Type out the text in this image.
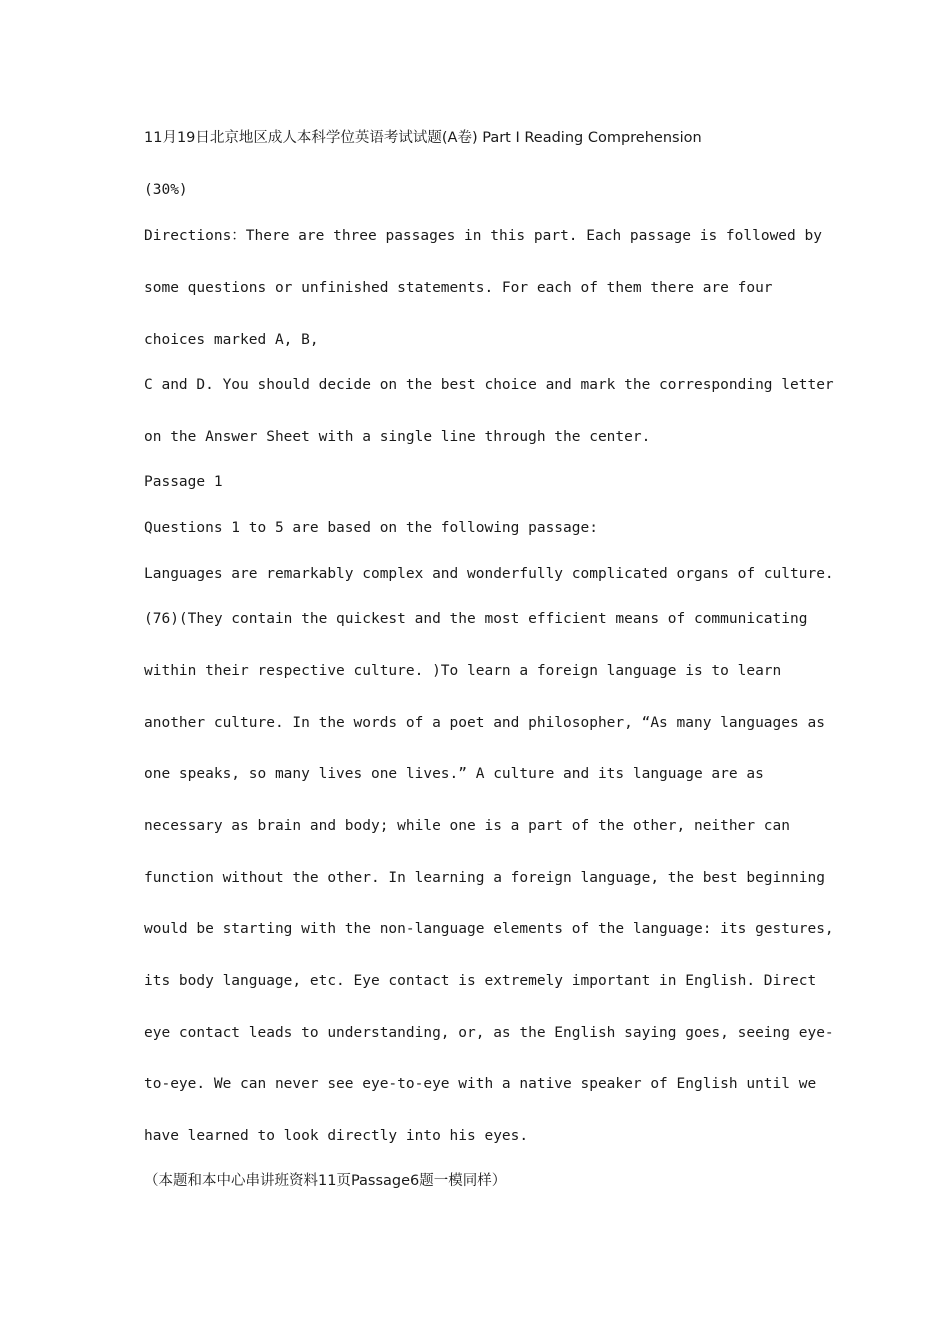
11月19日北京地区成人本科学位英语考试试题(A卷) Part I Reading Comprehension
(30%)
Directions：There are three passages in this part. Each passage is followed by
some questions or unfinished statements. For each of them there are four
choices marked A, B,
C and D. You should decide on the best choice and mark the corresponding letter
on the Answer Sheet with a single line through the center.
Passage 1
Questions 1 to 5 are based on the following passage:
Languages are remarkably complex and wonderfully complicated organs of culture.
(76)(They contain the quickest and the most efficient means of communicating
within their respective culture. )To learn a foreign language is to learn
another culture. In the words of a poet and philosopher, “As many languages as
one speaks, so many lives one lives.” A culture and its language are as
necessary as brain and body; while one is a part of the other, neither can
function without the other. In learning a foreign language, the best beginning
would be starting with the non-language elements of the language: its gestures,
its body language, etc. Eye contact is extremely important in English. Direct
eye contact leads to understanding, or, as the English saying goes, seeing eye-
to-eye. We can never see eye-to-eye with a native speaker of English until we
have learned to look directly into his eyes.
（本题和本中心串讲班资料11页Passage6题一模同样）
